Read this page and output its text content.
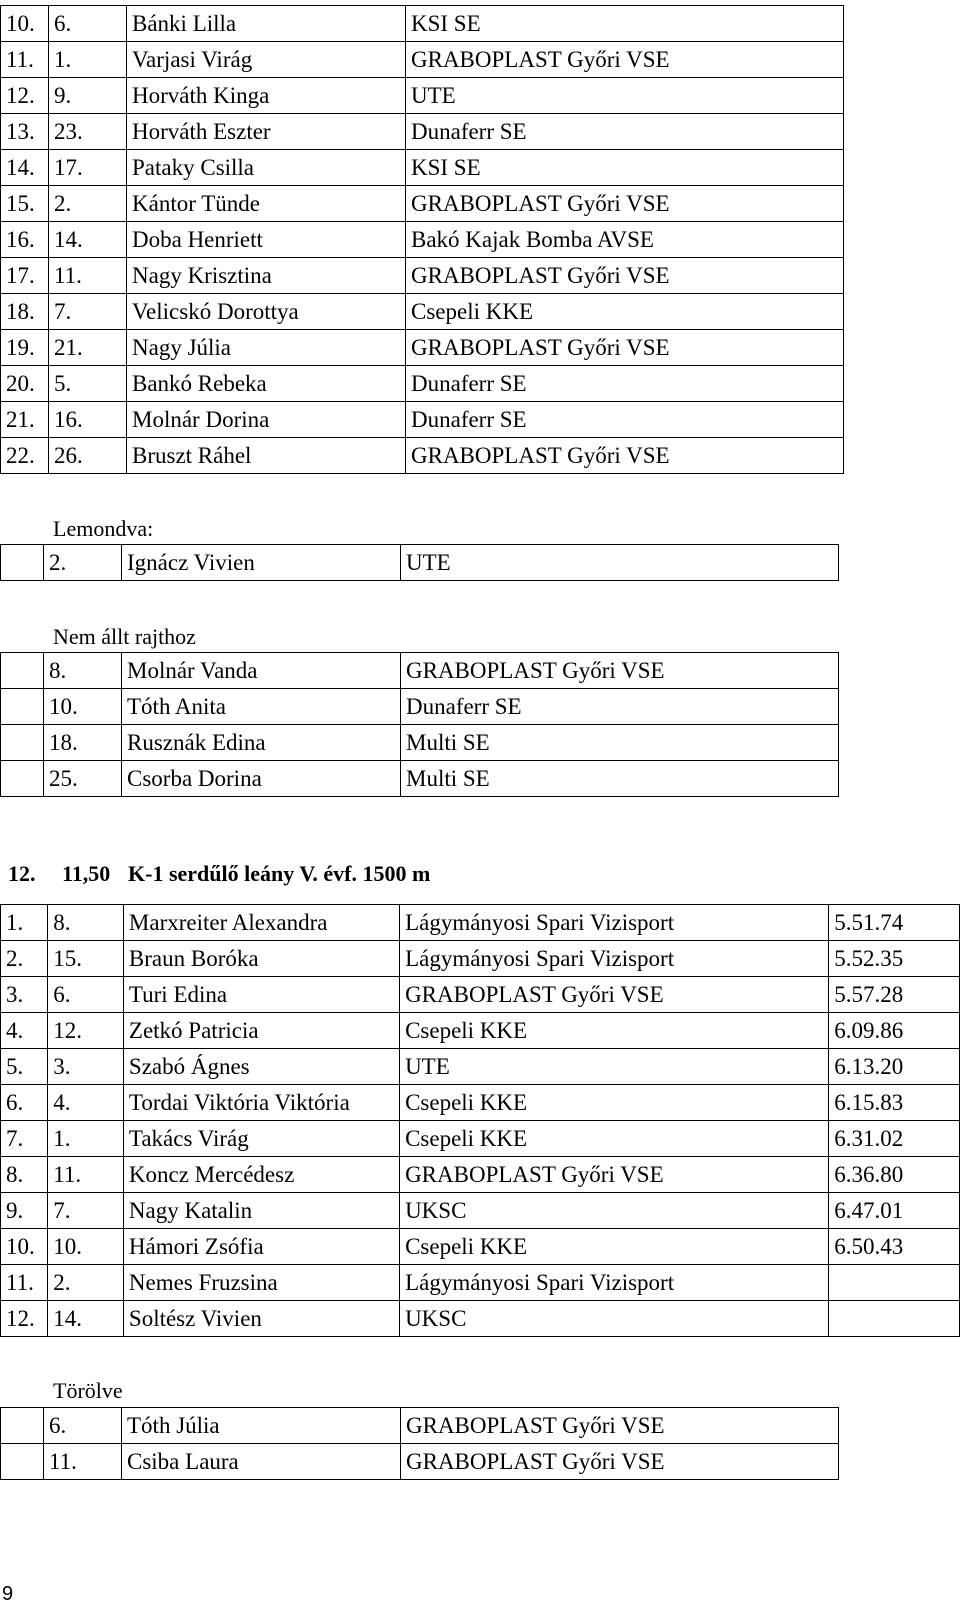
10.	6.	Bánki Lilla	KSI SE
11.	1.	Varjasi Virág	GRABOPLAST Győri VSE
12.	9.	Horváth Kinga	UTE
13.	23.	Horváth Eszter	Dunaferr SE
14.	17.	Pataky Csilla	KSI SE
15.	2.	Kántor Tünde	GRABOPLAST Győri VSE
16.	14.	Doba Henriett	Bakó Kajak Bomba AVSE
17.	11.	Nagy Krisztina	GRABOPLAST Győri VSE
18.	7.	Velicskó Dorottya	Csepeli KKE
19.	21.	Nagy Júlia	GRABOPLAST Győri VSE
20.	5.	Bankó Rebeka	Dunaferr SE
21.	16.	Molnár Dorina	Dunaferr SE
22.	26.	Bruszt Ráhel	GRABOPLAST Győri VSE
Lemondva:
	2.	Ignácz Vivien	UTE
Nem állt rajthoz
	8.	Molnár Vanda	GRABOPLAST Győri VSE
	10.	Tóth Anita	Dunaferr SE
	18.	Rusznák Edina	Multi SE
	25.	Csorba Dorina	Multi SE
12. 11,50 K-1 serdűlő leány V. évf. 1500 m
1.	8.	Marxreiter Alexandra	Lágymányosi Spari Vizisport	5.51.74
2.	15.	Braun Boróka	Lágymányosi Spari Vizisport	5.52.35
3.	6.	Turi Edina	GRABOPLAST Győri VSE	5.57.28
4.	12.	Zetkó Patricia	Csepeli KKE	6.09.86
5.	3.	Szabó Ágnes	UTE	6.13.20
6.	4.	Tordai Viktória Viktória	Csepeli KKE	6.15.83
7.	1.	Takács Virág	Csepeli KKE	6.31.02
8.	11.	Koncz Mercédesz	GRABOPLAST Győri VSE	6.36.80
9.	7.	Nagy Katalin	UKSC	6.47.01
10.	10.	Hámori Zsófia	Csepeli KKE	6.50.43
11.	2.	Nemes Fruzsina	Lágymányosi Spari Vizisport	
12.	14.	Soltész Vivien	UKSC	
Törölve
	6.	Tóth Júlia	GRABOPLAST Győri VSE
	11.	Csiba Laura	GRABOPLAST Győri VSE
9
